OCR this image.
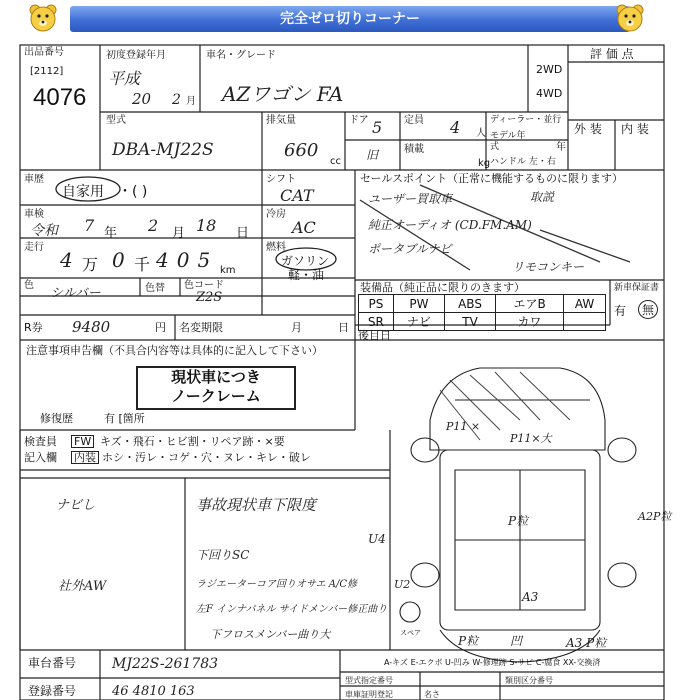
完全ゼロ切りコーナー
出品番号
[2112]
4076
初度登録年月
平成
20 2 月
車名・グレード
AZワゴン FA
2WD
4WD
評 価 点
型式
DBA-MJ22S
排気量
660
cc
ドア 5 定員 4 人
積載
旧
kg
ディーラー・並行
モデル年式	年
ハンドル 左・右
外 装 内 装
車歴
自家用 ・( )
車検
令和 7 年 2 月 18 日
走行
4 万 0 千 405 km
シフト
CAT
冷房
AC
燃料
ガソリン
軽・油
色
シルバー	色替 色コード
Z2S
R券 9480	円 名変期限	月	日
セールスポイント（正常に機能するものに限ります）
ユーザー買取車	取説
純正オーディオ (CD.FM.AM)
ポータブルナビ
リモコンキー
装備品（純正品に限りのきます）
PS	PW	ABS	エアB	AW
SR	ナビ	TV	カワ	
新車保証書
有	無
後目日
注意事項申告欄（不具合内容等は具体的に記入して下さい）
現状車につき
ノークレーム
修復歴	有 [箇所
検査員 FW キズ・飛石・ヒビ割・リペア跡・×要
記入欄 内装 ホシ・汚レ・コゲ・穴・ヌレ・キレ・破レ
ナビし
社外AW
事故現状車下限度
下回りSC
ラジエーターコア回りオサエ A/C修
左F インナパネル サイドメンバー修正曲り
下フロスメンバー曲り大
P11 ×
P11×大
P粒	A2P粒
U4
U2
A3
スペア
P粒	凹	A3 P粒
車台番号	MJ22S-261783
登録番号	46 4810 163
A-キズ E-エクボ U-凹み W-修理跡 S-サビ C-腐食 XX-交換済
型式指定番号	類別区分番号
車庫証明登記	名さ
